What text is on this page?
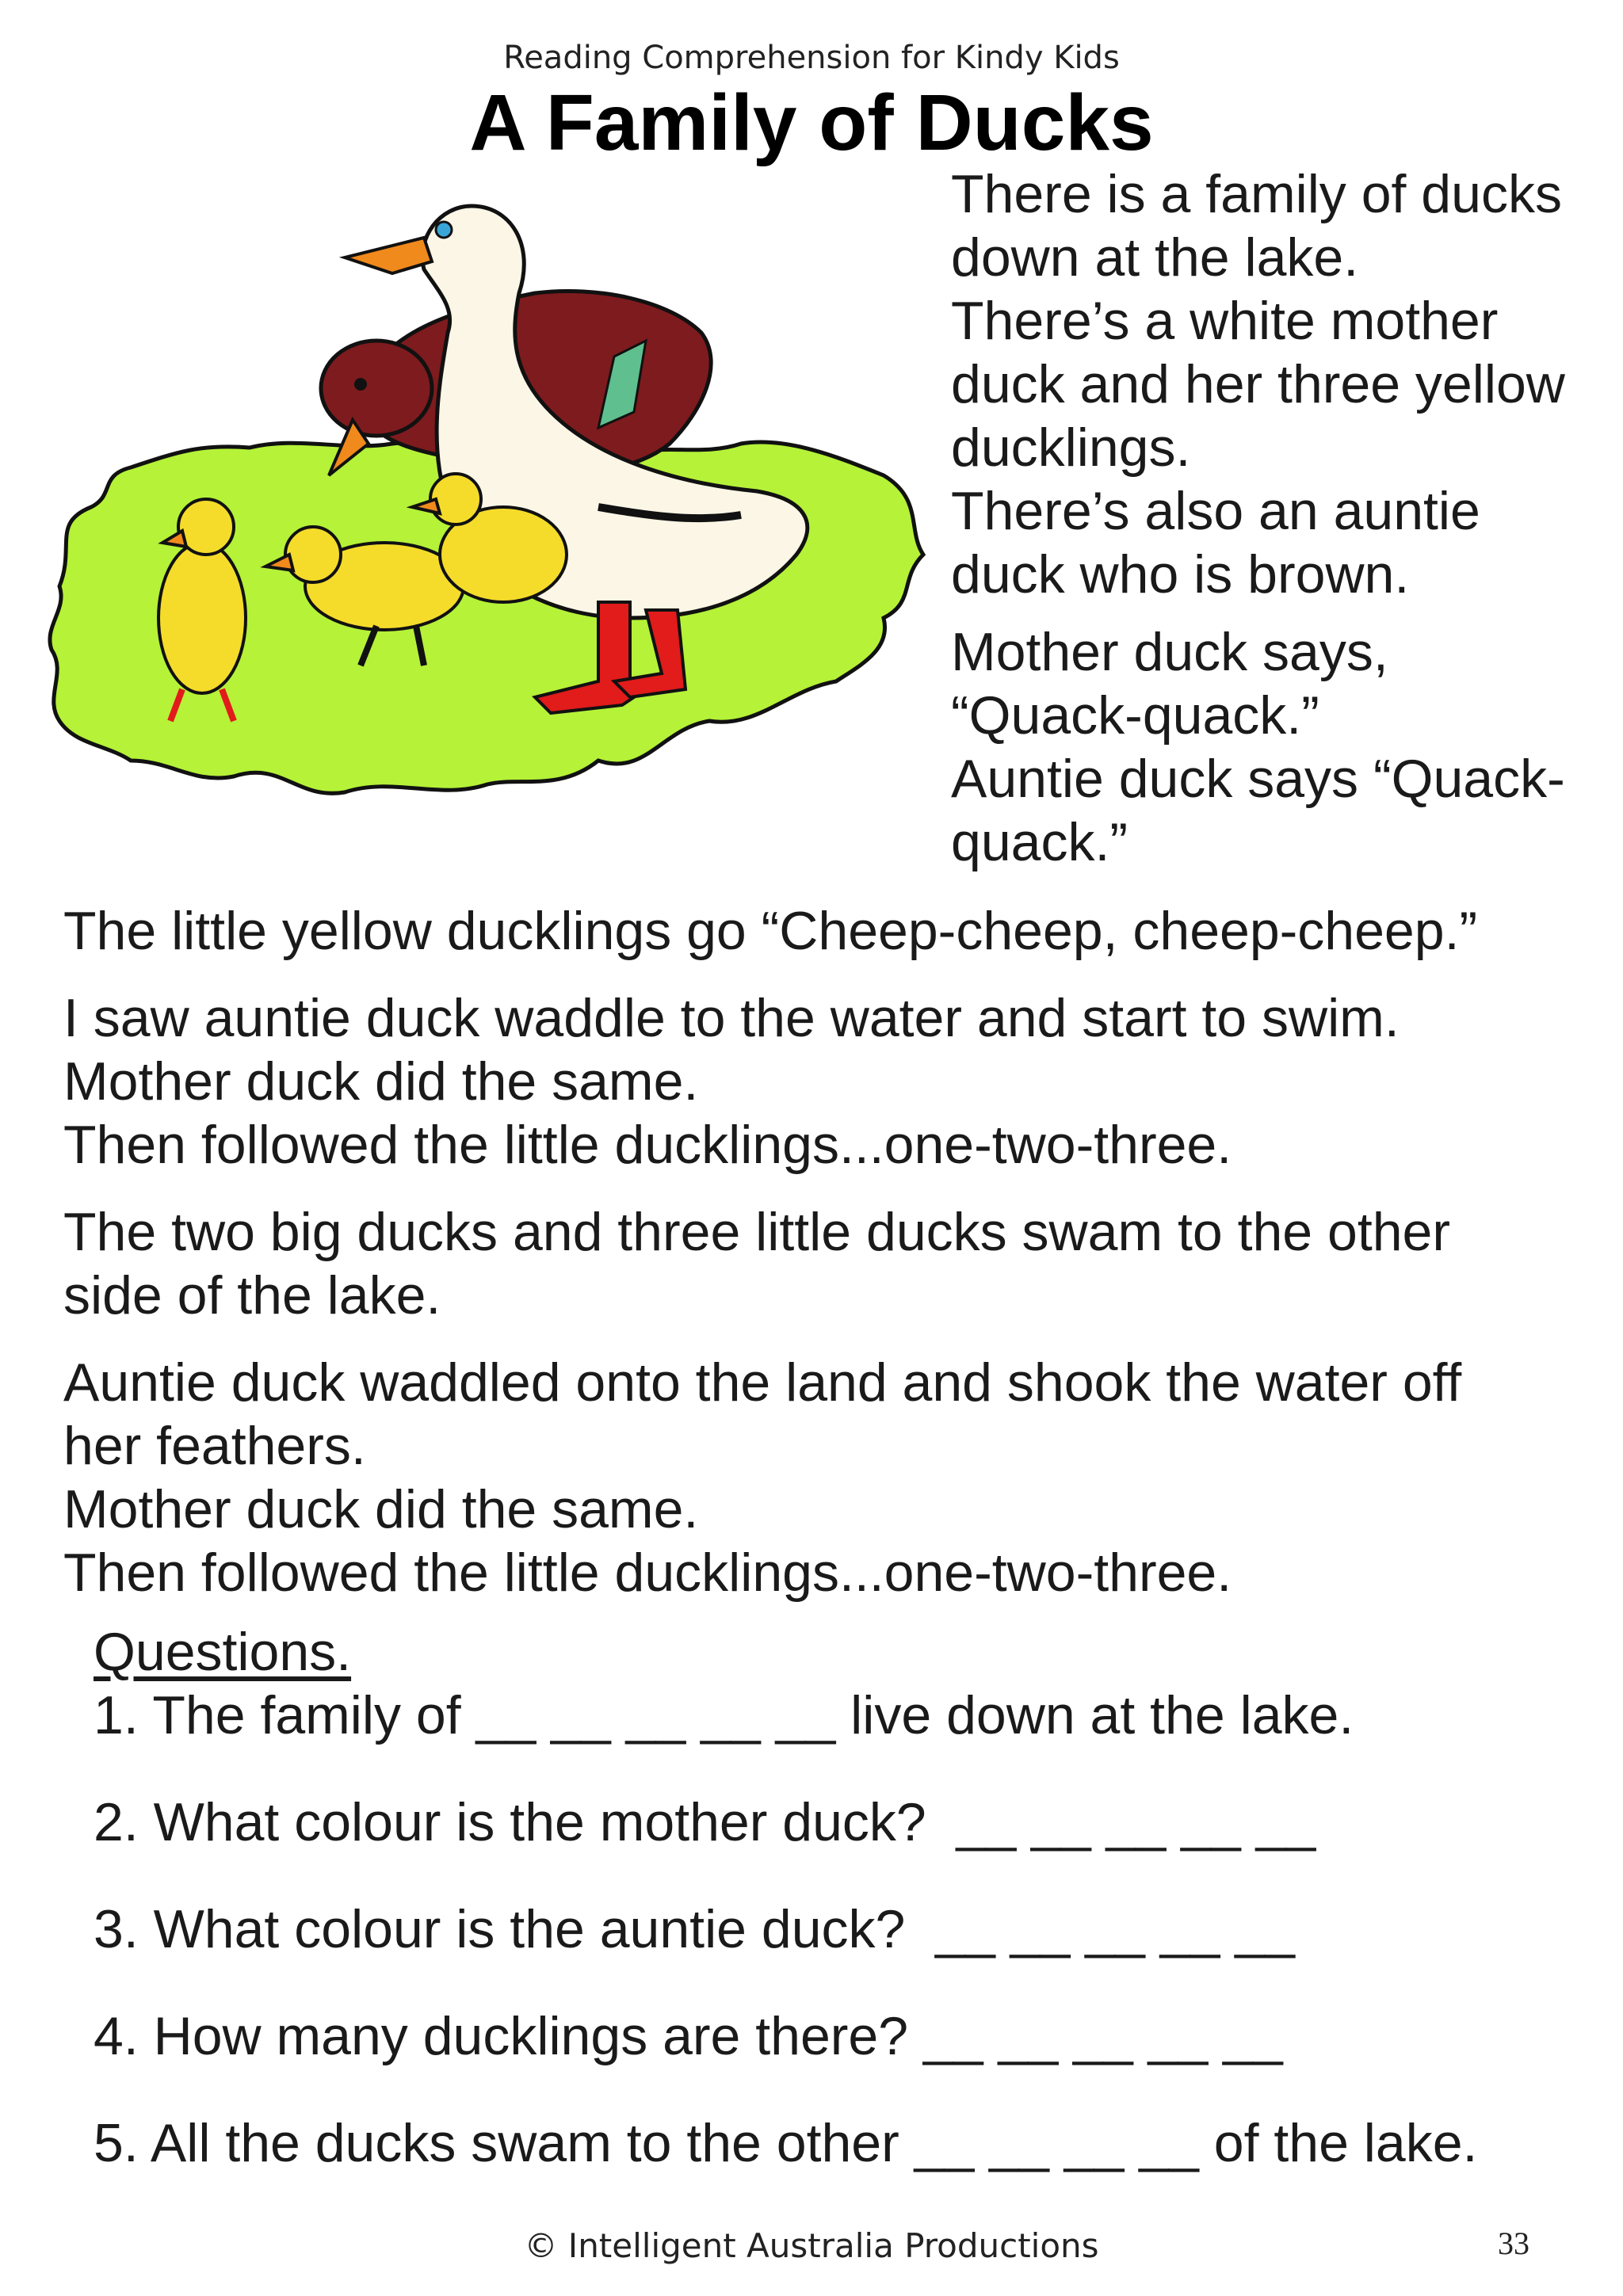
Reading Comprehension for Kindy Kids
A Family of Ducks

There is a family of ducks
down at the lake.
There’s a white mother
duck and her three yellow
ducklings.
There’s also an auntie
duck who is brown.

Mother duck says,
“Quack-quack.”
Auntie duck says “Quack-
quack.”

The little yellow ducklings go “Cheep-cheep, cheep-cheep.”

I saw auntie duck waddle to the water and start to swim.
Mother duck did the same.
Then followed the little ducklings...one-two-three.

The two big ducks and three little ducks swam to the other
side of the lake.

Auntie duck waddled onto the land and shook the water off
her feathers.
Mother duck did the same.
Then followed the little ducklings...one-two-three.

Questions.
1. The family of __ __ __ __ __ live down at the lake.
2. What colour is the mother duck?  __ __ __ __ __
3. What colour is the auntie duck?  __ __ __ __ __
4. How many ducklings are there? __ __ __ __ __
5. All the ducks swam to the other __ __ __ __ of the lake.
© Intelligent Australia Productions	33
